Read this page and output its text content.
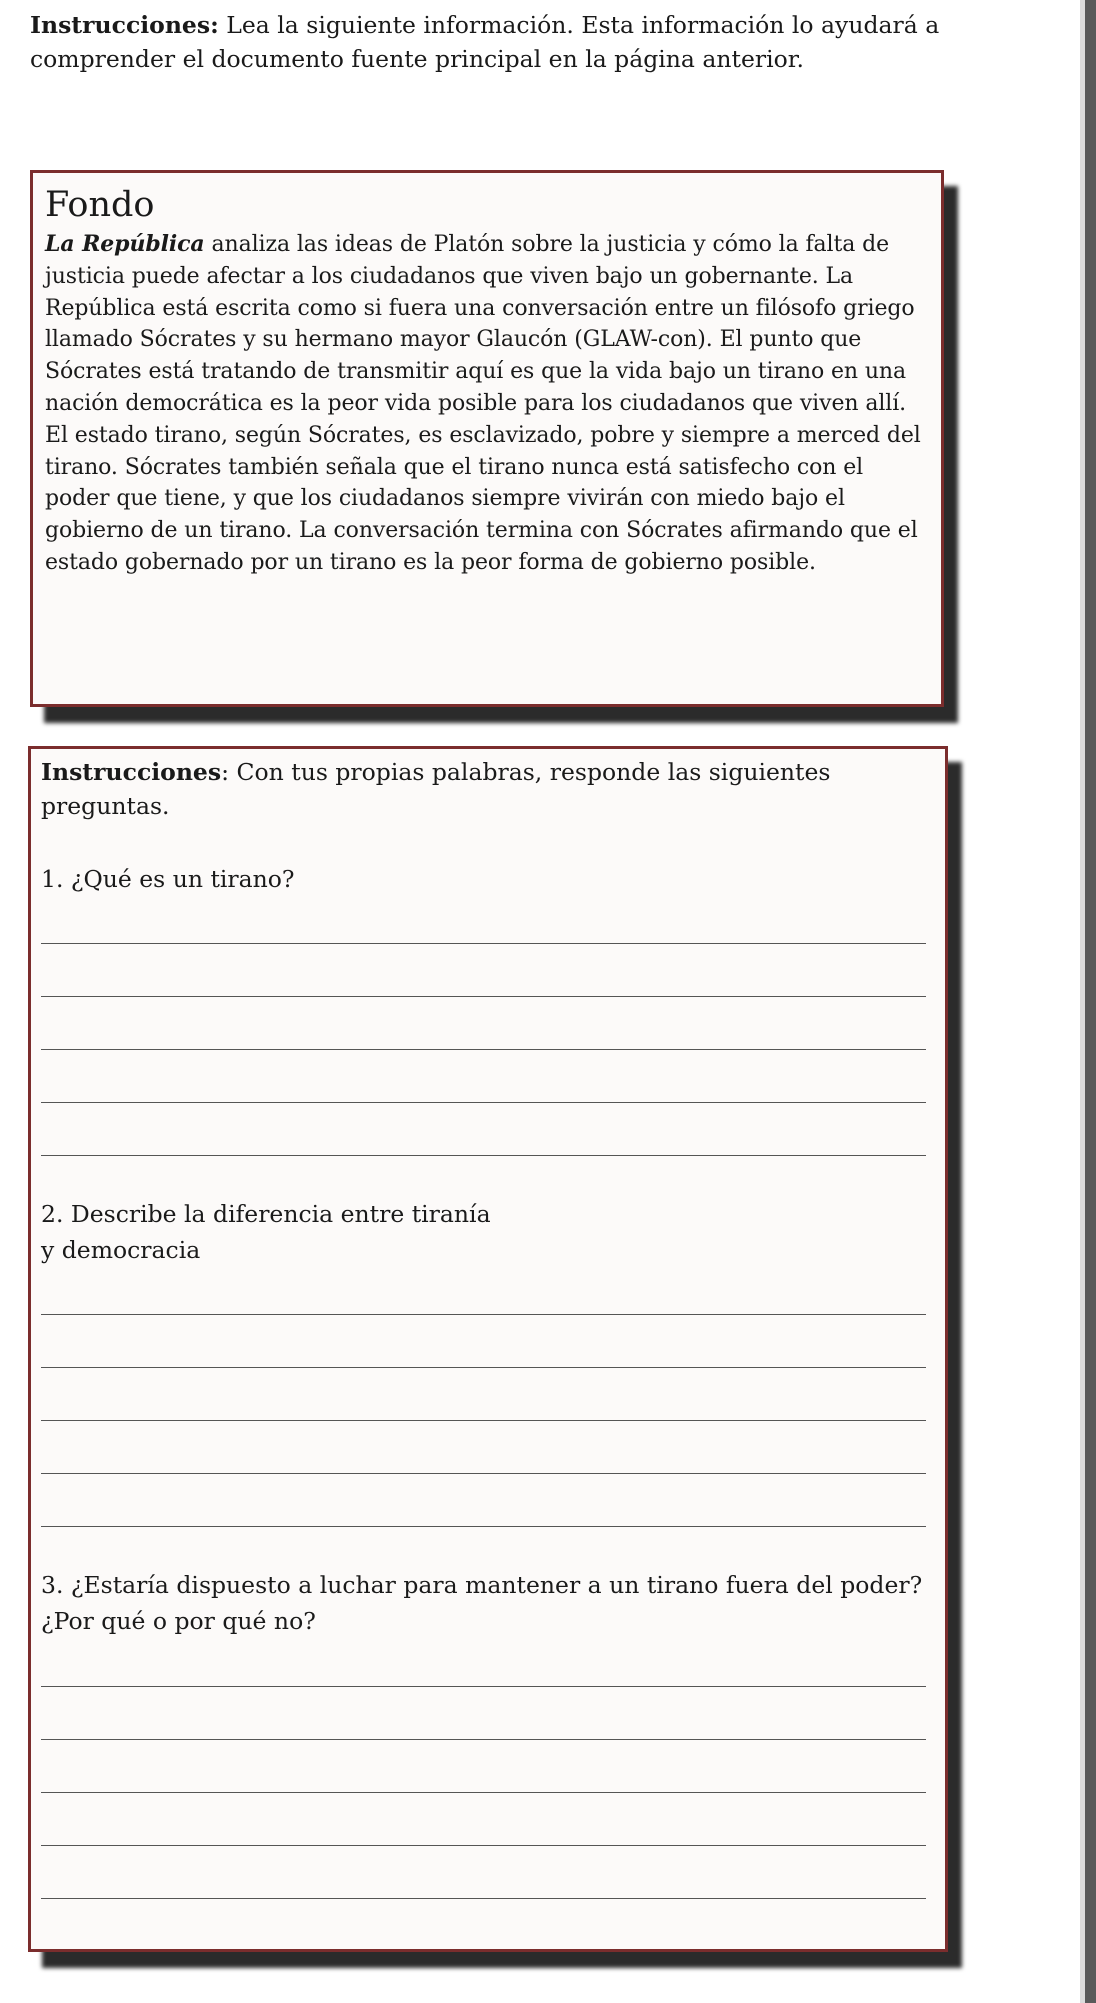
Instrucciones: Lea la siguiente información. Esta información lo ayudará a comprender el documento fuente principal en la página anterior.

Fondo

La República analiza las ideas de Platón sobre la justicia y cómo la falta de justicia puede afectar a los ciudadanos que viven bajo un gobernante. La República está escrita como si fuera una conversación entre un filósofo griego llamado Sócrates y su hermano mayor Glaucón (GLAW-con). El punto que Sócrates está tratando de transmitir aquí es que la vida bajo un tirano en una nación democrática es la peor vida posible para los ciudadanos que viven allí. El estado tirano, según Sócrates, es esclavizado, pobre y siempre a merced del tirano. Sócrates también señala que el tirano nunca está satisfecho con el poder que tiene, y que los ciudadanos siempre vivirán con miedo bajo el gobierno de un tirano. La conversación termina con Sócrates afirmando que el estado gobernado por un tirano es la peor forma de gobierno posible.

Instrucciones: Con tus propias palabras, responde las siguientes preguntas.

1. ¿Qué es un tirano?

2. Describe la diferencia entre tiranía
y democracia

3. ¿Estaría dispuesto a luchar para mantener a un tirano fuera del poder? ¿Por qué o por qué no?
